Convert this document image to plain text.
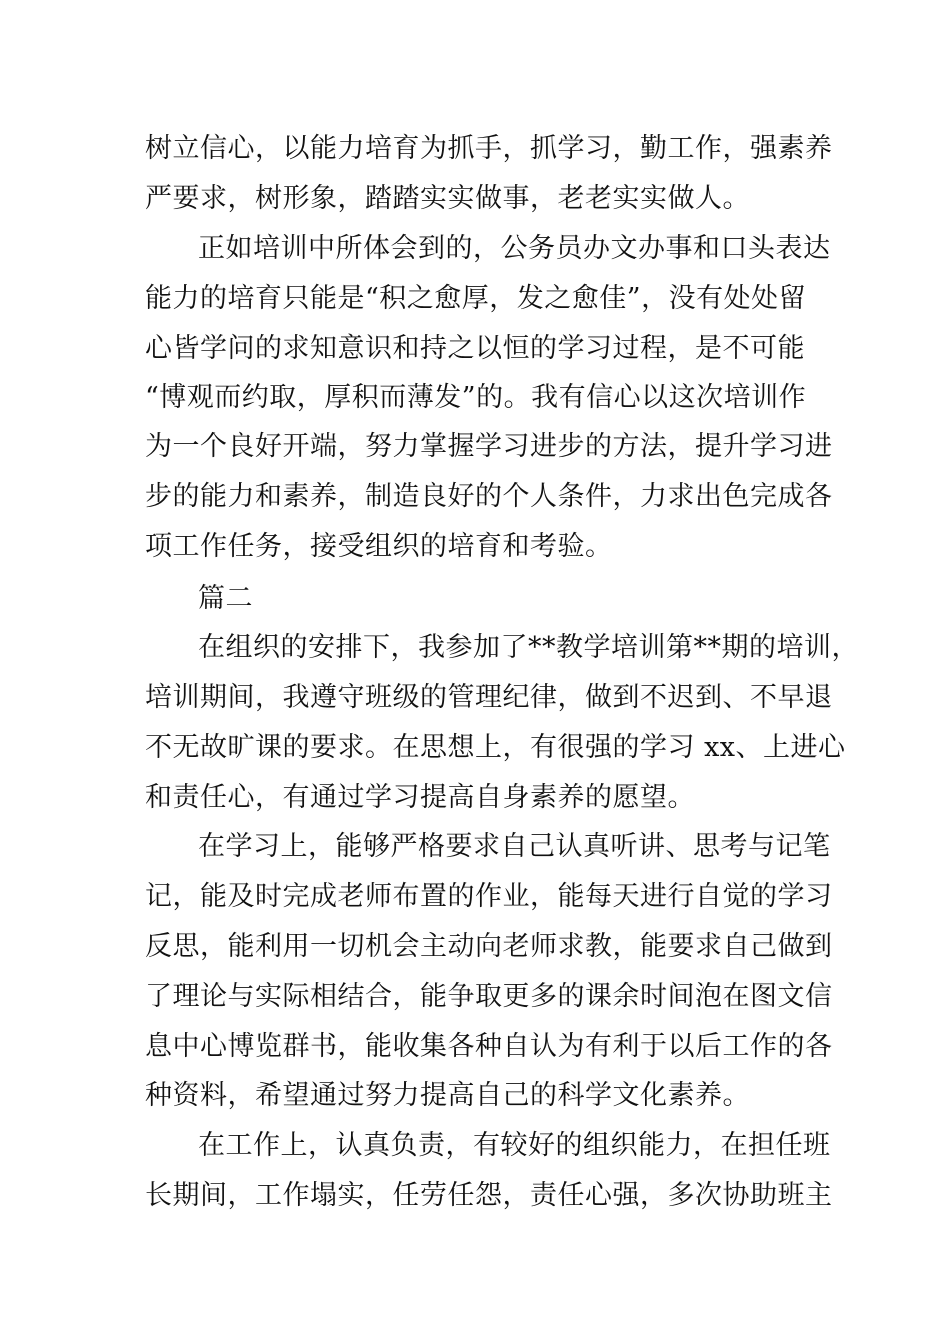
树立信心，以能力培育为抓手，抓学习，勤工作，强素养
严要求，树形象，踏踏实实做事，老老实实做人。
正如培训中所体会到的，公务员办文办事和口头表达
能力的培育只能是“积之愈厚，发之愈佳”，没有处处留
心皆学问的求知意识和持之以恒的学习过程，是不可能
“博观而约取，厚积而薄发”的。我有信心以这次培训作
为一个良好开端，努力掌握学习进步的方法，提升学习进
步的能力和素养，制造良好的个人条件，力求出色完成各
项工作任务，接受组织的培育和考验。
篇二
在组织的安排下，我参加了**教学培训第**期的培训，
培训期间，我遵守班级的管理纪律，做到不迟到、不早退
不无故旷课的要求。在思想上，有很强的学习 xx、上进心
和责任心，有通过学习提高自身素养的愿望。
在学习上，能够严格要求自己认真听讲、思考与记笔
记，能及时完成老师布置的作业，能每天进行自觉的学习
反思，能利用一切机会主动向老师求教，能要求自己做到
了理论与实际相结合，能争取更多的课余时间泡在图文信
息中心博览群书，能收集各种自认为有利于以后工作的各
种资料，希望通过努力提高自己的科学文化素养。
在工作上，认真负责，有较好的组织能力，在担任班
长期间，工作塌实，任劳任怨，责任心强，多次协助班主
